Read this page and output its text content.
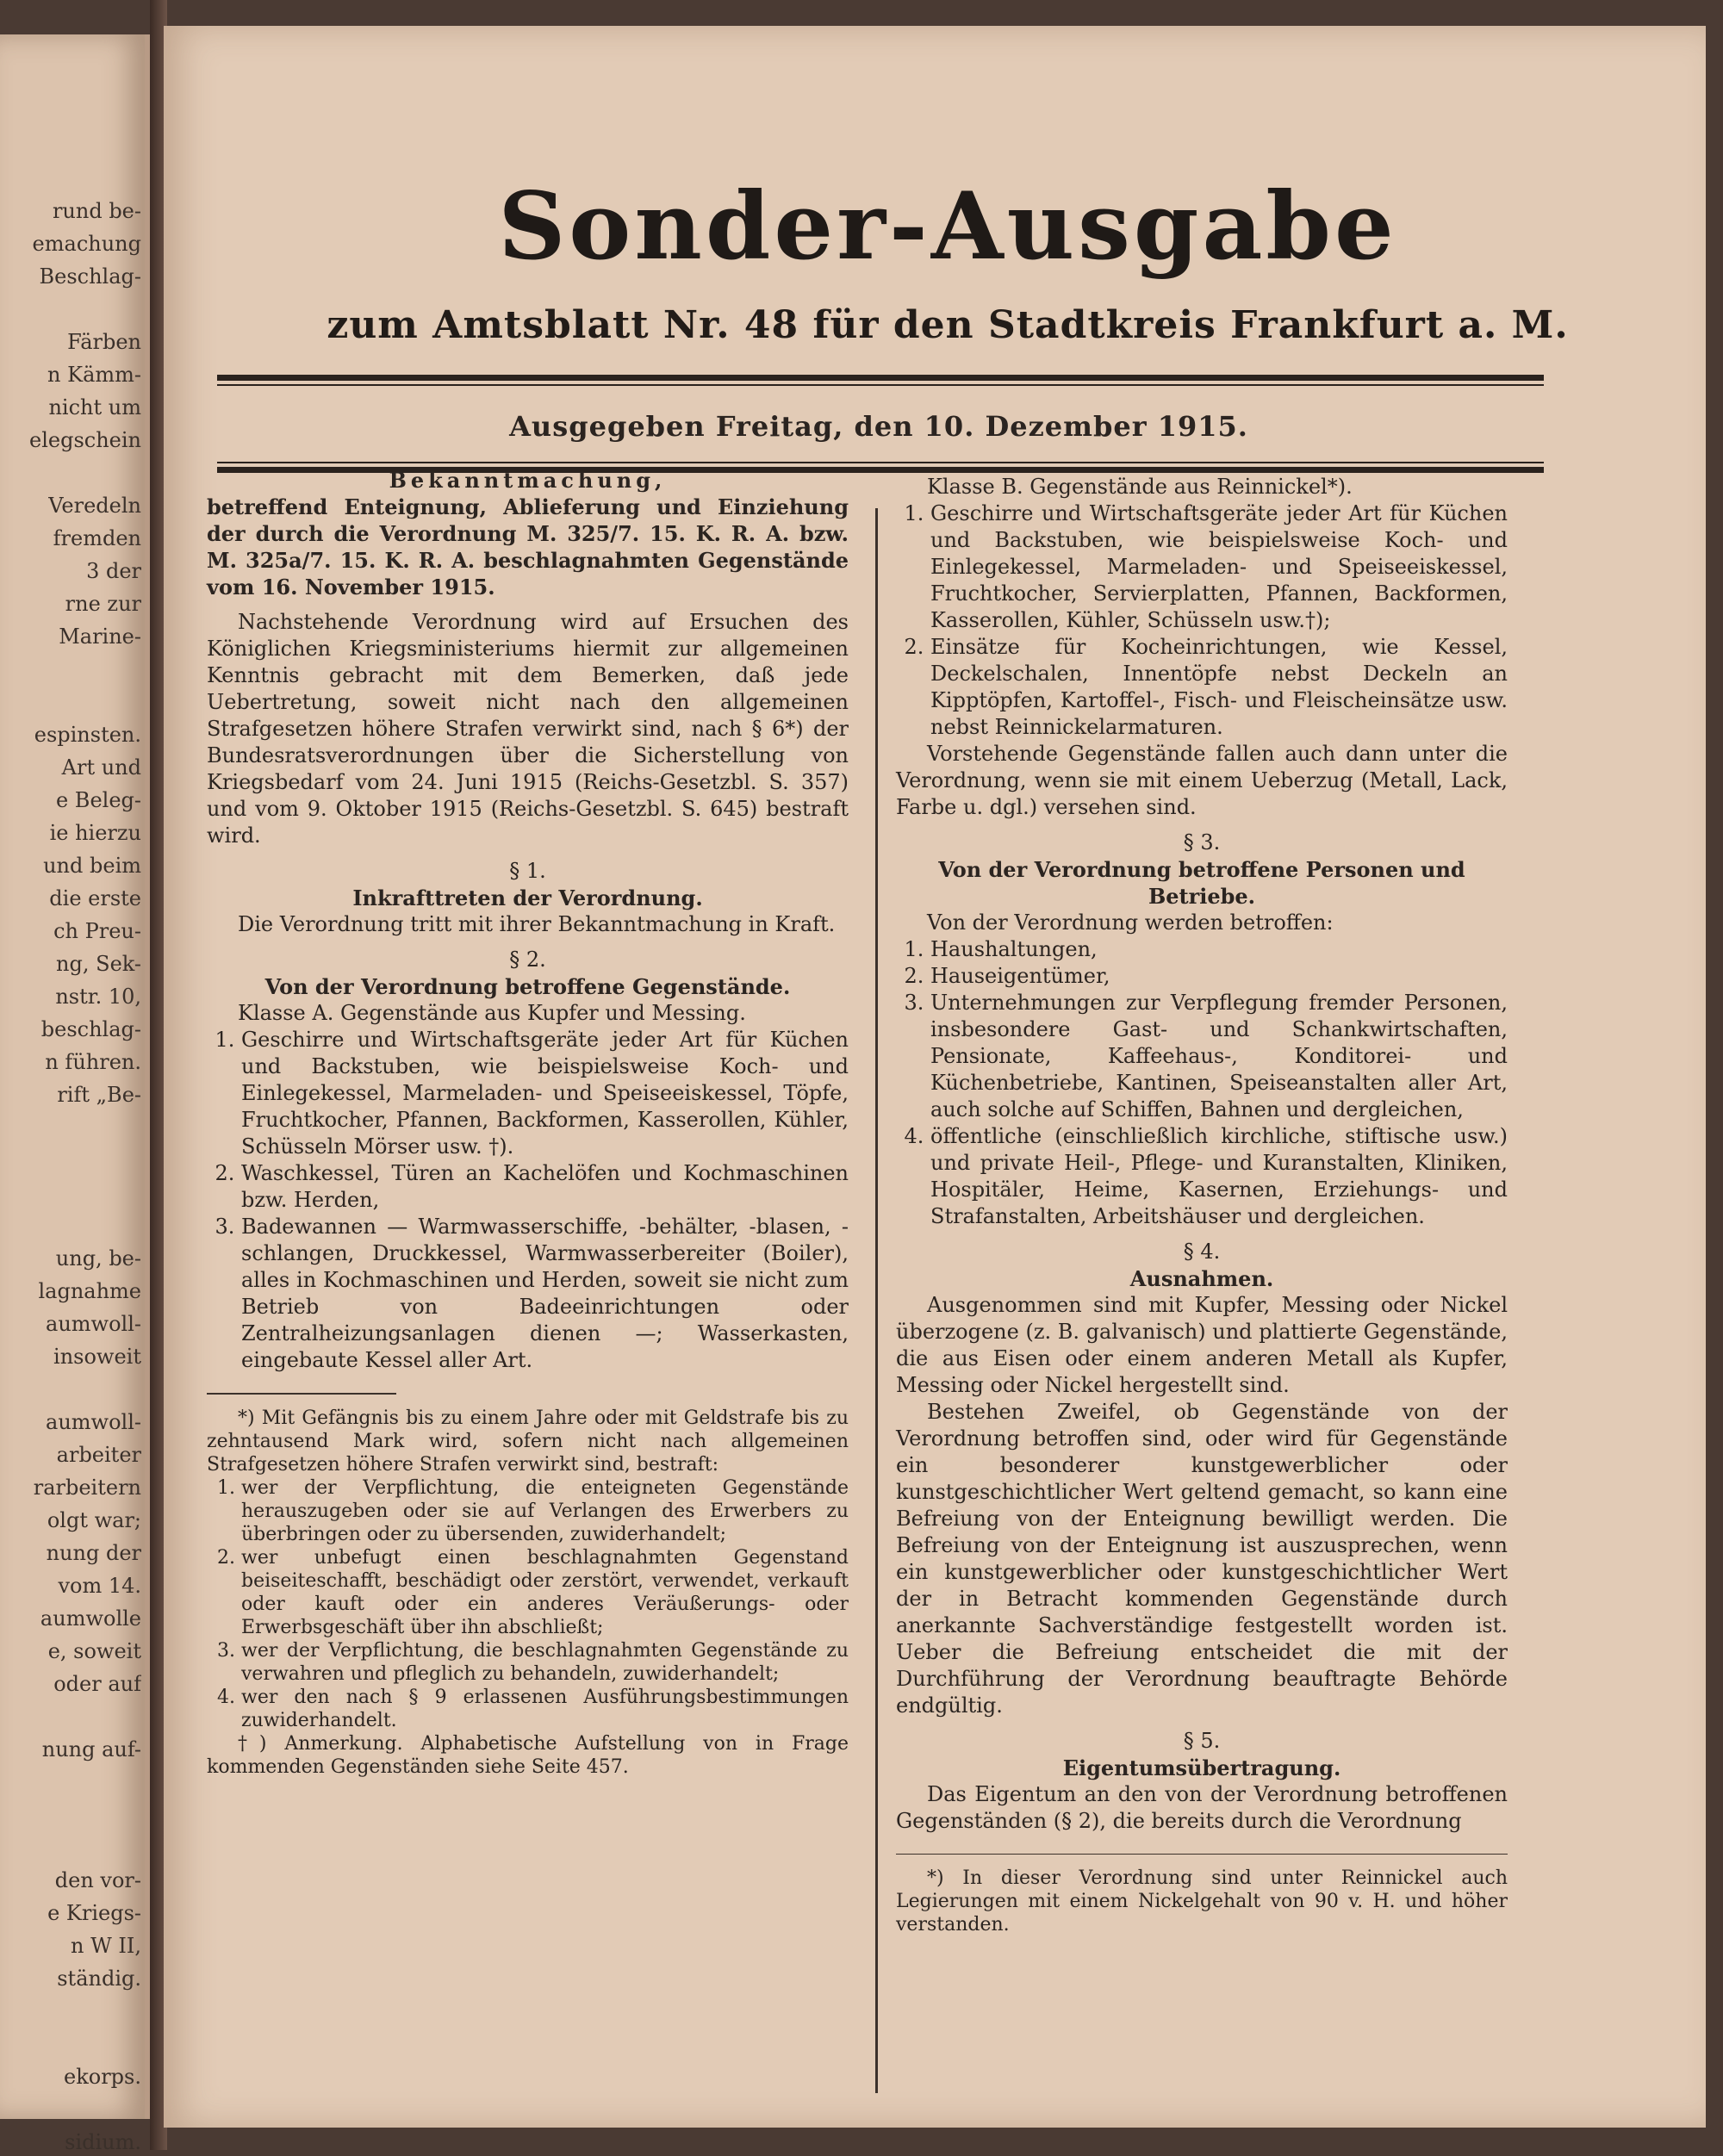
rund be-
emachung
Beschlag-
Färben
n Kämm-
nicht um
elegschein
Veredeln
fremden
3 der
rne zur
Marine-
espinsten.
Art und
e Beleg-
ie hierzu
und beim
die erste
ch Preu-
ng, Sek-
nstr. 10,
beschlag-
n führen.
rift „Be-
ung, be-
lagnahme
aumwoll-
insoweit
aumwoll-
arbeiter
rarbeitern
olgt war;
nung der
vom 14.
aumwolle
e, soweit
oder auf
nung auf-
den vor-
e Kriegs-
n W II,
ständig.
ekorps.
sidium.
Sonder-Ausgabe
zum Amtsblatt Nr. 48 für den Stadtkreis Frankfurt a. M.
Ausgegeben Freitag, den 10. Dezember 1915.

Bekanntmachung,

betreffend Enteignung, Ablieferung und Einziehung der durch die Verordnung M. 325/7. 15. K. R. A. bzw. M. 325a/7. 15. K. R. A. beschlagnahmten Gegenstände vom 16. November 1915.

Nachstehende Verordnung wird auf Ersuchen des Königlichen Kriegsministeriums hiermit zur allgemeinen Kenntnis gebracht mit dem Bemerken, daß jede Uebertretung, soweit nicht nach den allgemeinen Strafgesetzen höhere Strafen verwirkt sind, nach § 6*) der Bundesratsverordnungen über die Sicherstellung von Kriegsbedarf vom 24. Juni 1915 (Reichs-Gesetzbl. S. 357) und vom 9. Oktober 1915 (Reichs-Gesetzbl. S. 645) bestraft wird.

§ 1.

Inkrafttreten der Verordnung.

Die Verordnung tritt mit ihrer Bekanntmachung in Kraft.

§ 2.

Von der Verordnung betroffene Gegenstände.

Klasse A. Gegenstände aus Kupfer und Messing.

1. Geschirre und Wirtschaftsgeräte jeder Art für Küchen und Backstuben, wie beispielsweise Koch- und Einlegekessel, Marmeladen- und Speiseeiskessel, Töpfe, Fruchtkocher, Pfannen, Backformen, Kasserollen, Kühler, Schüsseln Mörser usw. †).
2. Waschkessel, Türen an Kachelöfen und Kochmaschinen bzw. Herden,
3. Badewannen — Warmwasserschiffe, -behälter, -blasen, -schlangen, Druckkessel, Warmwasserbereiter (Boiler), alles in Kochmaschinen und Herden, soweit sie nicht zum Betrieb von Badeeinrichtungen oder Zentralheizungsanlagen dienen —; Wasserkasten, eingebaute Kessel aller Art.

*) Mit Gefängnis bis zu einem Jahre oder mit Geldstrafe bis zu zehntausend Mark wird, sofern nicht nach allgemeinen Strafgesetzen höhere Strafen verwirkt sind, bestraft:

1. wer der Verpflichtung, die enteigneten Gegenstände herauszugeben oder sie auf Verlangen des Erwerbers zu überbringen oder zu übersenden, zuwiderhandelt;
2. wer unbefugt einen beschlagnahmten Gegenstand beiseiteschafft, beschädigt oder zerstört, verwendet, verkauft oder kauft oder ein anderes Veräußerungs- oder Erwerbsgeschäft über ihn abschließt;
3. wer der Verpflichtung, die beschlagnahmten Gegenstände zu verwahren und pfleglich zu behandeln, zuwiderhandelt;
4. wer den nach § 9 erlassenen Ausführungsbestimmungen zuwiderhandelt.

†) Anmerkung. Alphabetische Aufstellung von in Frage kommenden Gegenständen siehe Seite 457.

Klasse B. Gegenstände aus Reinnickel*).

1. Geschirre und Wirtschaftsgeräte jeder Art für Küchen und Backstuben, wie beispielsweise Koch- und Einlegekessel, Marmeladen- und Speiseeiskessel, Fruchtkocher, Servierplatten, Pfannen, Backformen, Kasserollen, Kühler, Schüsseln usw.†);
2. Einsätze für Kocheinrichtungen, wie Kessel, Deckelschalen, Innentöpfe nebst Deckeln an Kipptöpfen, Kartoffel-, Fisch- und Fleischeinsätze usw. nebst Reinnickelarmaturen.

Vorstehende Gegenstände fallen auch dann unter die Verordnung, wenn sie mit einem Ueberzug (Metall, Lack, Farbe u. dgl.) versehen sind.

§ 3.

Von der Verordnung betroffene Personen und Betriebe.

Von der Verordnung werden betroffen:

1. Haushaltungen,
2. Hauseigentümer,
3. Unternehmungen zur Verpflegung fremder Personen, insbesondere Gast- und Schankwirtschaften, Pensionate, Kaffeehaus-, Konditorei- und Küchenbetriebe, Kantinen, Speiseanstalten aller Art, auch solche auf Schiffen, Bahnen und dergleichen,
4. öffentliche (einschließlich kirchliche, stiftische usw.) und private Heil-, Pflege- und Kuranstalten, Kliniken, Hospitäler, Heime, Kasernen, Erziehungs- und Strafanstalten, Arbeitshäuser und dergleichen.

§ 4.

Ausnahmen.

Ausgenommen sind mit Kupfer, Messing oder Nickel überzogene (z. B. galvanisch) und plattierte Gegenstände, die aus Eisen oder einem anderen Metall als Kupfer, Messing oder Nickel hergestellt sind.

Bestehen Zweifel, ob Gegenstände von der Verordnung betroffen sind, oder wird für Gegenstände ein besonderer kunstgewerblicher oder kunstgeschichtlicher Wert geltend gemacht, so kann eine Befreiung von der Enteignung bewilligt werden. Die Befreiung von der Enteignung ist auszusprechen, wenn ein kunstgewerblicher oder kunstgeschichtlicher Wert der in Betracht kommenden Gegenstände durch anerkannte Sachverständige festgestellt worden ist. Ueber die Befreiung entscheidet die mit der Durchführung der Verordnung beauftragte Behörde endgültig.

§ 5.

Eigentumsübertragung.

Das Eigentum an den von der Verordnung betroffenen Gegenständen (§ 2), die bereits durch die Verordnung

*) In dieser Verordnung sind unter Reinnickel auch Legierungen mit einem Nickelgehalt von 90 v. H. und höher verstanden.
